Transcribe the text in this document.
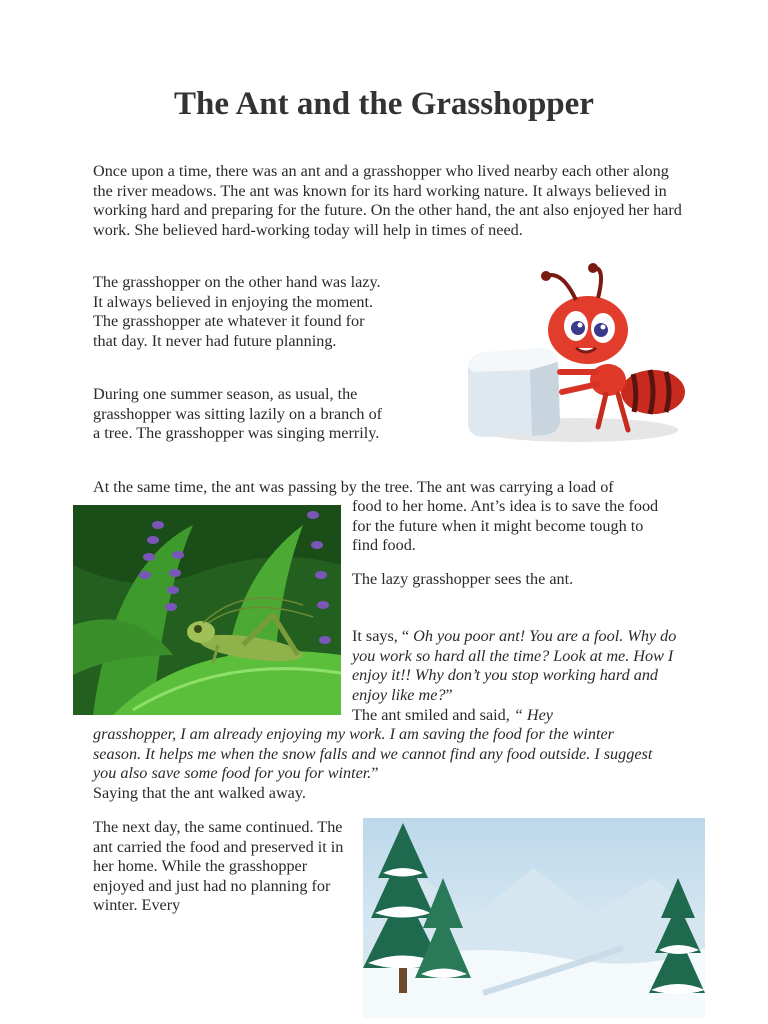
The Ant and the Grasshopper

Once upon a time, there was an ant and a grasshopper who lived nearby each other along the river meadows. The ant was known for its hard working nature. It always believed in working hard and preparing for the future. On the other hand, the ant also enjoyed her hard work. She believed hard-working today will help in times of need.

The grasshopper on the other hand was lazy. It always believed in enjoying the moment. The grasshopper ate whatever it found for that day. It never had future planning.

During one summer season, as usual, the grasshopper was sitting lazily on a branch of a tree. The grasshopper was singing merrily.

At the same time, the ant was passing by the tree. The ant was carrying a load of

food to her home. Ant’s idea is to save the food for the future when it might become tough to find food.

The lazy grasshopper sees the ant.

It says, “ Oh you poor ant! You are a fool. Why do you work so hard all the time? Look at me. How I enjoy it!! Why don’t you stop working hard and enjoy like me?”

The ant smiled and said, “ Hey

grasshopper, I am already enjoying my work. I am saving the food for the winter season. It helps me when the snow falls and we cannot find any food outside. I suggest you also save some food for you for winter.”
Saying that the ant walked away.

The next day, the same continued. The ant carried the food and preserved it in her home. While the grasshopper enjoyed and just had no planning for winter. Every
